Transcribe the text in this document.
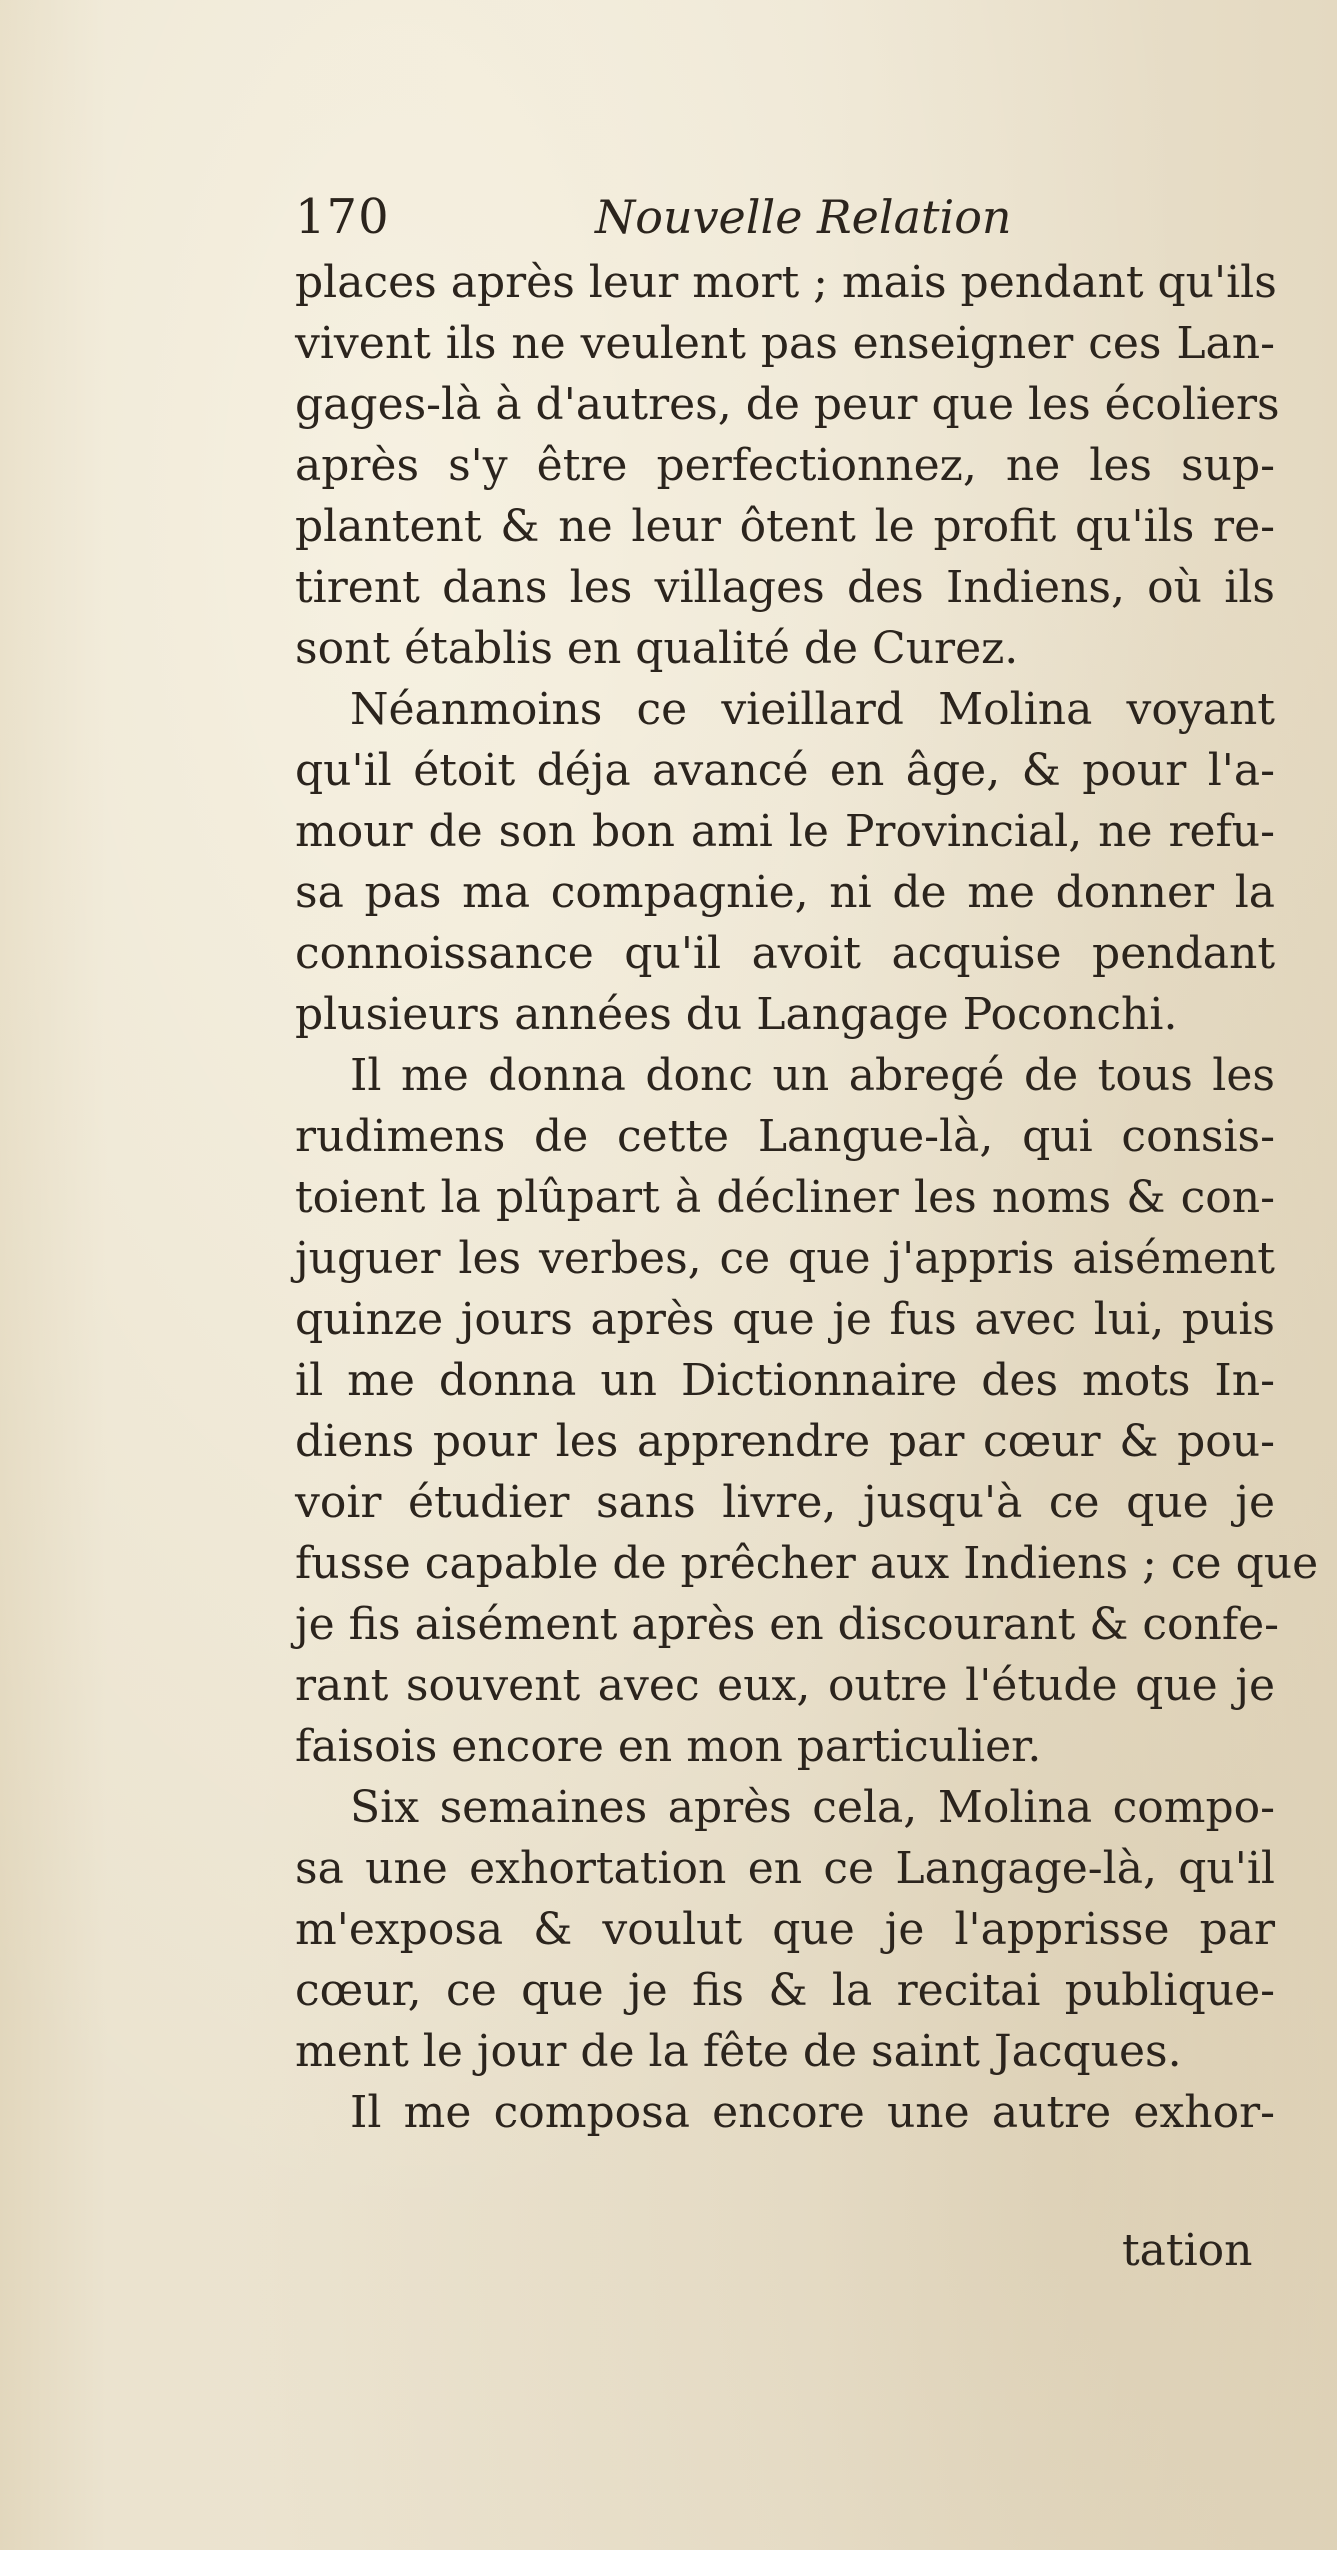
170	Nouvelle Relation
places après leur mort ; mais pendant qu'ils
vivent ils ne veulent pas enseigner ces Lan-
gages-là à d'autres, de peur que les écoliers
après s'y être perfectionnez, ne les sup-
plantent & ne leur ôtent le profit qu'ils re-
tirent dans les villages des Indiens, où ils
sont établis en qualité de Curez.
Néanmoins ce vieillard Molina voyant
qu'il étoit déja avancé en âge, & pour l'a-
mour de son bon ami le Provincial, ne refu-
sa pas ma compagnie, ni de me donner la
connoissance qu'il avoit acquise pendant
plusieurs années du Langage Poconchi.
Il me donna donc un abregé de tous les
rudimens de cette Langue-là, qui consis-
toient la plûpart à décliner les noms & con-
juguer les verbes, ce que j'appris aisément
quinze jours après que je fus avec lui, puis
il me donna un Dictionnaire des mots In-
diens pour les apprendre par cœur & pou-
voir étudier sans livre, jusqu'à ce que je
fusse capable de prêcher aux Indiens ; ce que
je fis aisément après en discourant & confe-
rant souvent avec eux, outre l'étude que je
faisois encore en mon particulier.
Six semaines après cela, Molina compo-
sa une exhortation en ce Langage-là, qu'il
m'exposa & voulut que je l'apprisse par
cœur, ce que je fis & la recitai publique-
ment le jour de la fête de saint Jacques.
Il me composa encore une autre exhor-
tation
